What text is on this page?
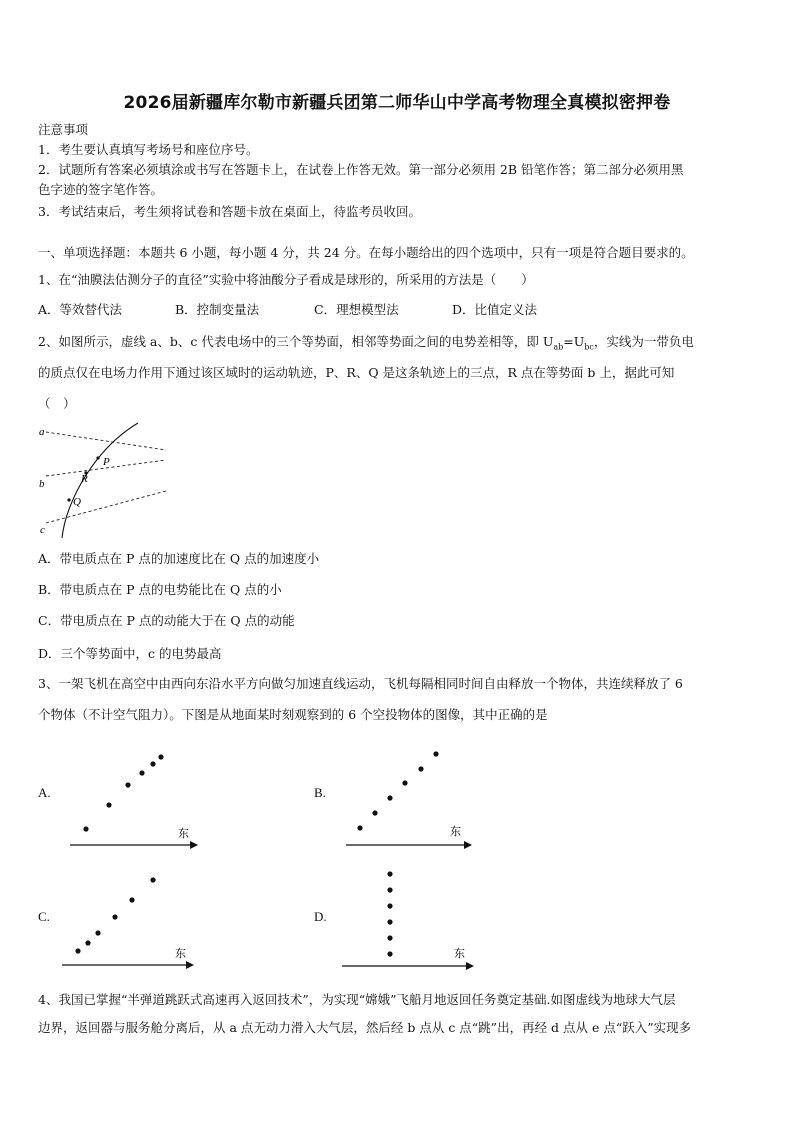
2026届新疆库尔勒市新疆兵团第二师华山中学高考物理全真模拟密押卷
注意事项
1．考生要认真填写考场号和座位序号。
2．试题所有答案必须填涂或书写在答题卡上，在试卷上作答无效。第一部分必须用 2B 铅笔作答；第二部分必须用黑
色字迹的签字笔作答。
3．考试结束后，考生须将试卷和答题卡放在桌面上，待监考员收回。
一、单项选择题：本题共 6 小题，每小题 4 分，共 24 分。在每小题给出的四个选项中，只有一项是符合题目要求的。
1、在“油膜法估测分子的直径”实验中将油酸分子看成是球形的，所采用的方法是（　　）
A．等效替代法	B．控制变量法	C．理想模型法	D．比值定义法
2、如图所示，虚线 a、b、c 代表电场中的三个等势面，相邻等势面之间的电势差相等，即 $U_{ab}=U_{bc}$，实线为一带负电
的质点仅在电场力作用下通过该区域时的运动轨迹，P、R、Q 是这条轨迹上的三点，R 点在等势面 b 上，据此可知
（　）
a
b
c
P
R
Q
A．带电质点在 P 点的加速度比在 Q 点的加速度小
B．带电质点在 P 点的电势能比在 Q 点的小
C．带电质点在 P 点的动能大于在 Q 点的动能
D．三个等势面中，c 的电势最高
3、一架飞机在高空中由西向东沿水平方向做匀加速直线运动，飞机每隔相同时间自由释放一个物体，共连续释放了 6
个物体（不计空气阻力）。下图是从地面某时刻观察到的 6 个空投物体的图像，其中正确的是
A.
东
B.
东
C.
东
D.
东
4、我国已掌握“半弹道跳跃式高速再入返回技术”，为实现“嫦娥”飞船月地返回任务奠定基础.如图虚线为地球大气层
边界，返回器与服务舱分离后，从 a 点无动力滑入大气层，然后经 b 点从 c 点“跳”出，再经 d 点从 e 点“跃入”实现多
